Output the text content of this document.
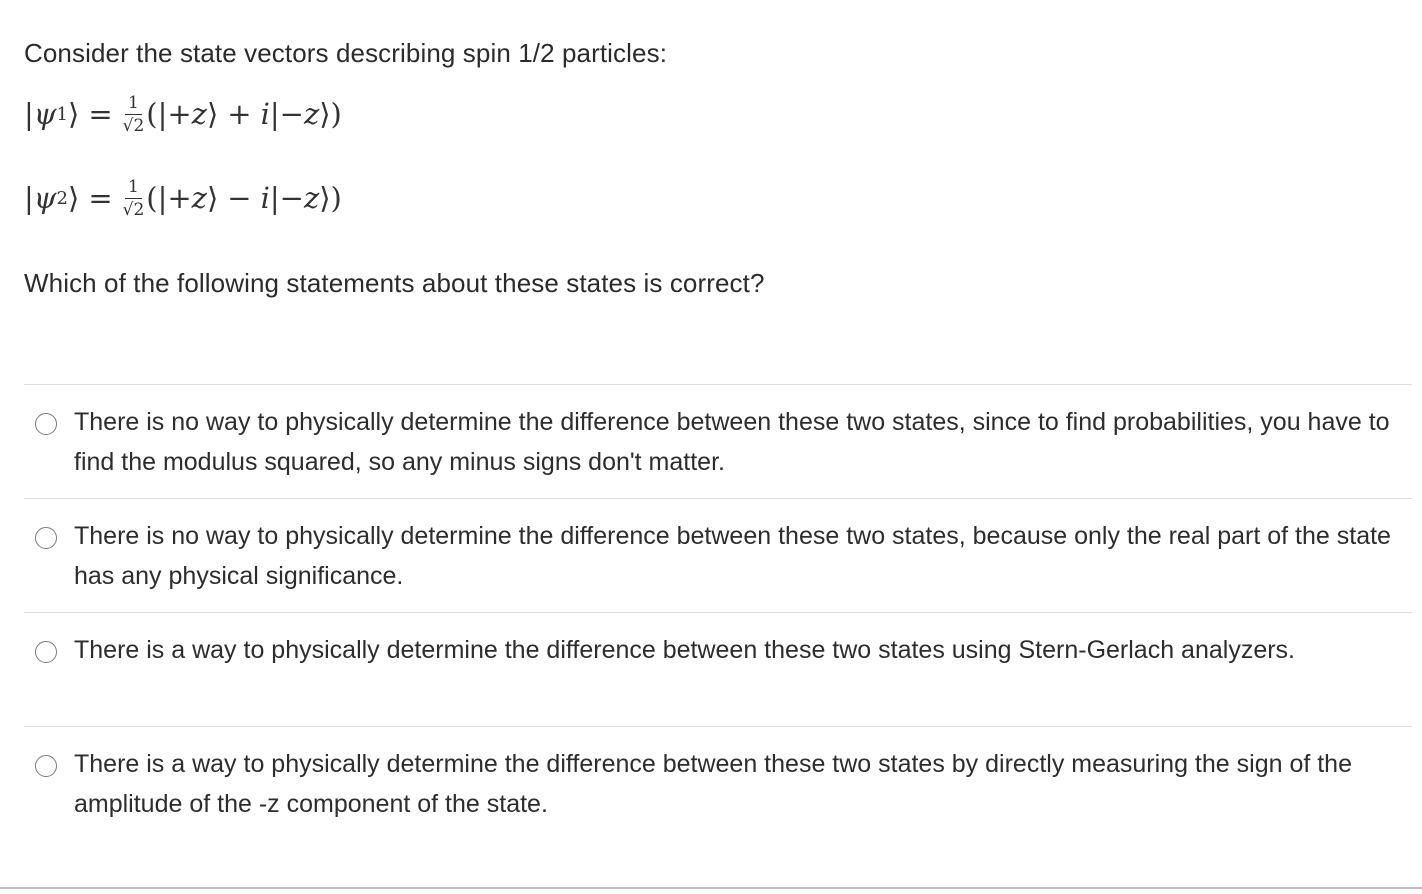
Consider the state vectors describing spin 1/2 particles:

| ψ 1 ⟩ = $\frac{1}{√2}$ (| +z ⟩ + i | −z ⟩)
| ψ 2 ⟩ = $\frac{1}{√2}$ (| +z ⟩ − i | −z ⟩)

Which of the following statements about these states is correct?

There is no way to physically determine the difference between these two states, since to find probabilities, you have to find the modulus squared, so any minus signs don't matter.
There is no way to physically determine the difference between these two states, because only the real part of the state has any physical significance.
There is a way to physically determine the difference between these two states using Stern-Gerlach analyzers.
There is a way to physically determine the difference between these two states by directly measuring the sign of the amplitude of the -z component of the state.
